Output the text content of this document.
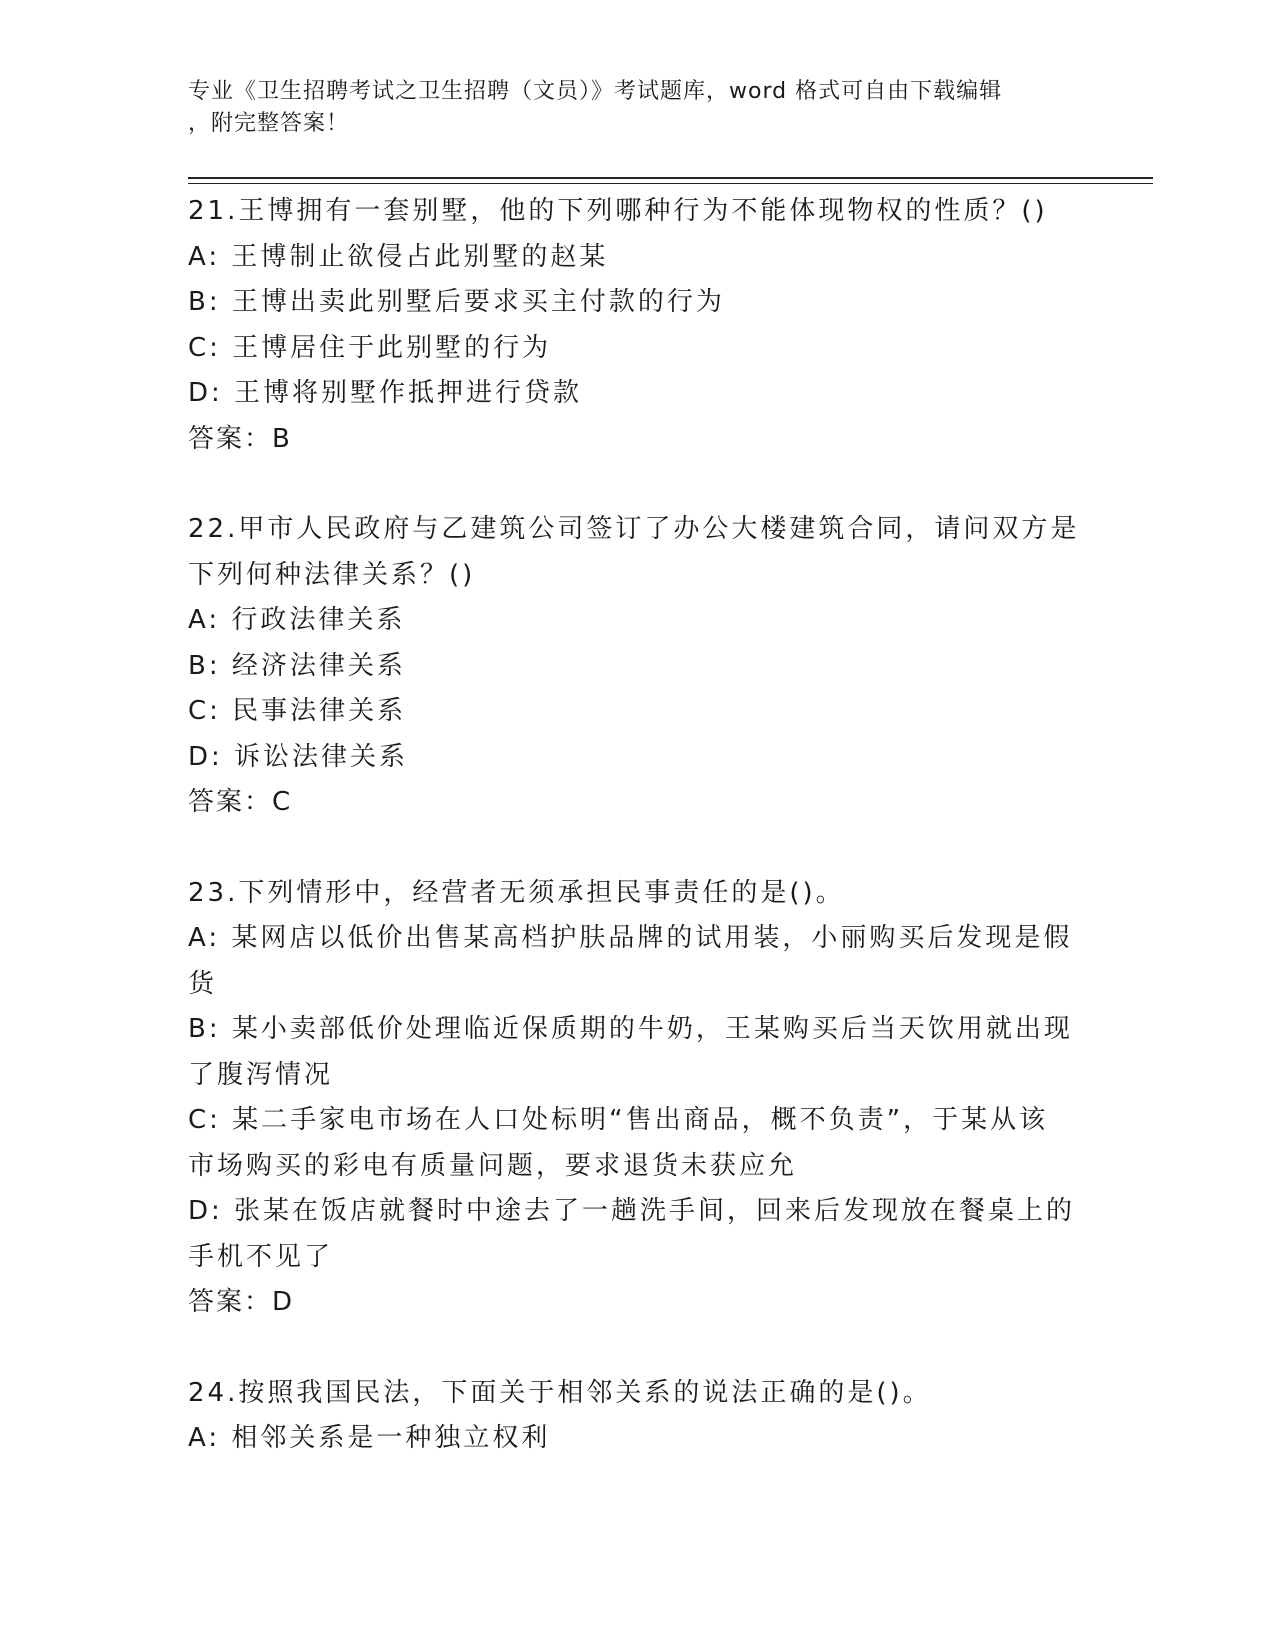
专业《卫生招聘考试之卫生招聘（文员）》考试题库，word 格式可自由下载编辑
，附完整答案！
21.王博拥有一套别墅，他的下列哪种行为不能体现物权的性质？()
A: 王博制止欲侵占此别墅的赵某
B: 王博出卖此别墅后要求买主付款的行为
C: 王博居住于此别墅的行为
D: 王博将别墅作抵押进行贷款
答案：B
22.甲市人民政府与乙建筑公司签订了办公大楼建筑合同，请问双方是
下列何种法律关系？()
A: 行政法律关系
B: 经济法律关系
C: 民事法律关系
D: 诉讼法律关系
答案：C
23.下列情形中，经营者无须承担民事责任的是()。
A: 某网店以低价出售某高档护肤品牌的试用装，小丽购买后发现是假
货
B: 某小卖部低价处理临近保质期的牛奶，王某购买后当天饮用就出现
了腹泻情况
C: 某二手家电市场在人口处标明“售出商品，概不负责”，于某从该
市场购买的彩电有质量问题，要求退货未获应允
D: 张某在饭店就餐时中途去了一趟洗手间，回来后发现放在餐桌上的
手机不见了
答案：D
24.按照我国民法，下面关于相邻关系的说法正确的是()。
A: 相邻关系是一种独立权利
